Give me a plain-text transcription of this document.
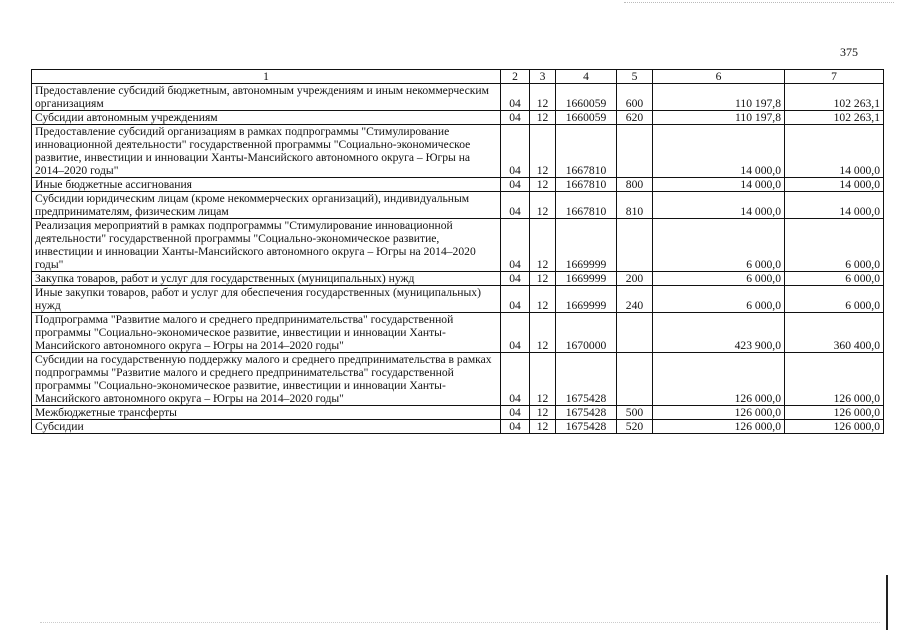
375
1	2	3	4	5	6	7
Предоставление субсидий бюджетным, автономным учреждениям и иным некоммерческим организациям	04	12	1660059	600	110 197,8	102 263,1
Субсидии автономным учреждениям	04	12	1660059	620	110 197,8	102 263,1
Предоставление субсидий организациям в рамках подпрограммы "Стимулирование инновационной деятельности" государственной программы "Социально-экономическое развитие, инвестиции и инновации Ханты-Мансийского автономного округа – Югры на 2014–2020 годы"	04	12	1667810		14 000,0	14 000,0
Иные бюджетные ассигнования	04	12	1667810	800	14 000,0	14 000,0
Субсидии юридическим лицам (кроме некоммерческих организаций), индивидуальным предпринимателям, физическим лицам	04	12	1667810	810	14 000,0	14 000,0
Реализация мероприятий в рамках подпрограммы "Стимулирование инновационной деятельности" государственной программы "Социально-экономическое развитие, инвестиции и инновации Ханты-Мансийского автономного округа – Югры на 2014–2020 годы"	04	12	1669999		6 000,0	6 000,0
Закупка товаров, работ и услуг для государственных (муниципальных) нужд	04	12	1669999	200	6 000,0	6 000,0
Иные закупки товаров, работ и услуг для обеспечения государственных (муниципальных) нужд	04	12	1669999	240	6 000,0	6 000,0
Подпрограмма "Развитие малого и среднего предпринимательства" государственной программы "Социально-экономическое развитие, инвестиции и инновации Ханты-Мансийского автономного округа – Югры на 2014–2020 годы"	04	12	1670000		423 900,0	360 400,0
Субсидии на государственную поддержку малого и среднего предпринимательства в рамках подпрограммы "Развитие малого и среднего предпринимательства" государственной программы "Социально-экономическое развитие, инвестиции и инновации Ханты-Мансийского автономного округа – Югры на 2014–2020 годы"	04	12	1675428		126 000,0	126 000,0
Межбюджетные трансферты	04	12	1675428	500	126 000,0	126 000,0
Субсидии	04	12	1675428	520	126 000,0	126 000,0
